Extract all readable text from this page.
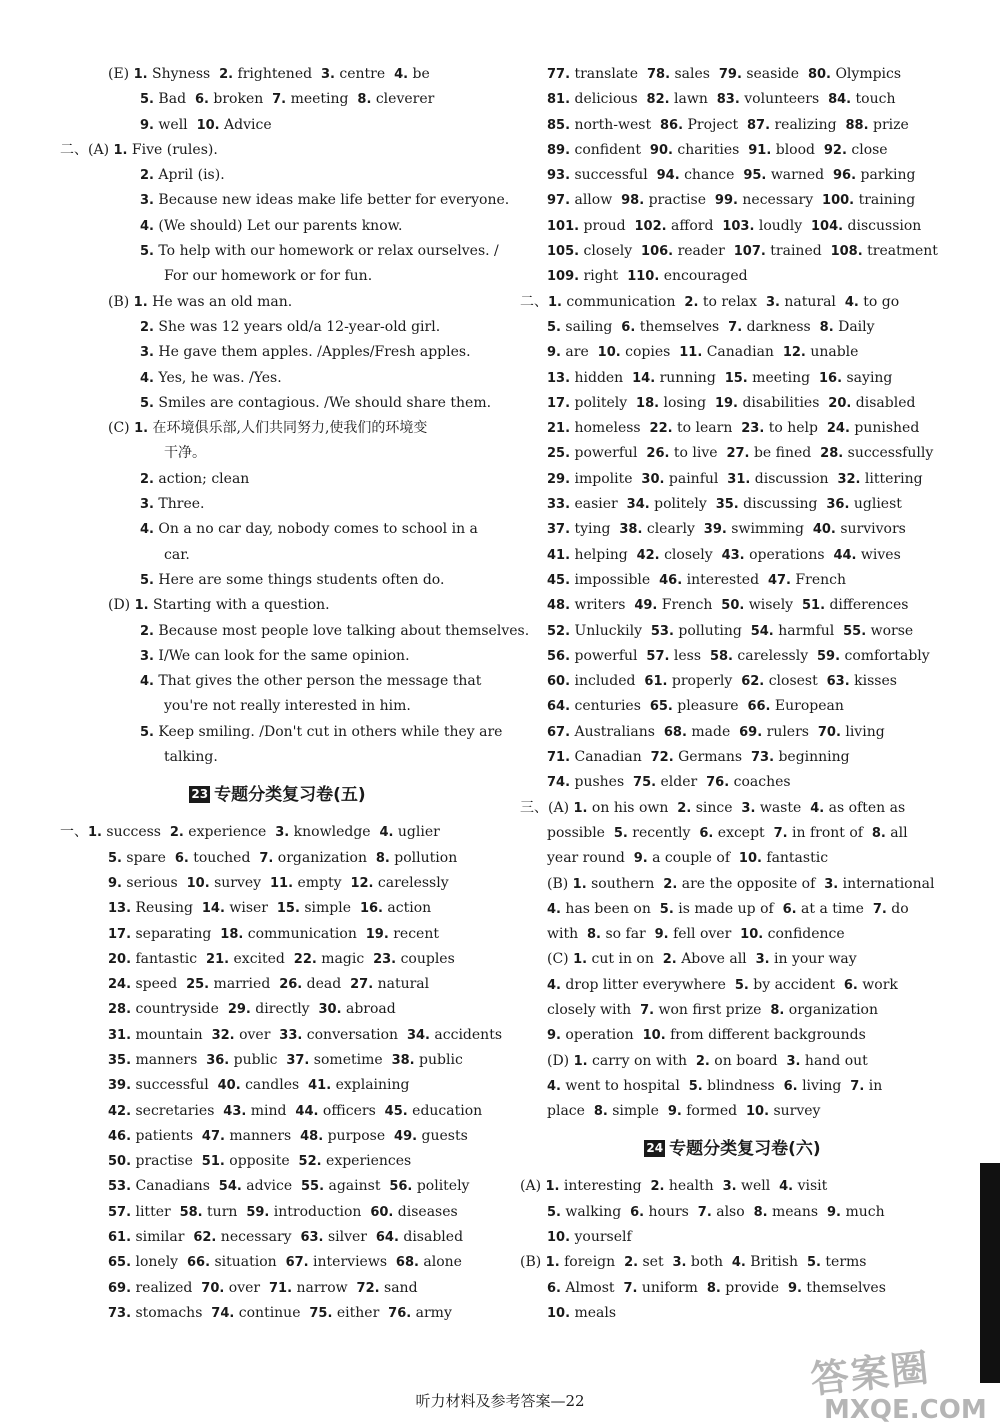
(E) 1. Shyness  2. frightened  3. centre  4. be
5. Bad  6. broken  7. meeting  8. cleverer
9. well  10. Advice
二、(A) 1. Five (rules).
2. April (is).
3. Because new ideas make life better for everyone.
4. (We should) Let our parents know.
5. To help with our homework or relax ourselves. /
For our homework or for fun.
(B) 1. He was an old man.
2. She was 12 years old/a 12-year-old girl.
3. He gave them apples. /Apples/Fresh apples.
4. Yes, he was. /Yes.
5. Smiles are contagious. /We should share them.
(C) 1. 在环境俱乐部,人们共同努力,使我们的环境变
干净。
2. action; clean
3. Three.
4. On a no car day, nobody comes to school in a
car.
5. Here are some things students often do.
(D) 1. Starting with a question.
2. Because most people love talking about themselves.
3. I/We can look for the same opinion.
4. That gives the other person the message that
you're not really interested in him.
5. Keep smiling. /Don't cut in others while they are
talking.
23 专题分类复习卷(五)
一、1. success  2. experience  3. knowledge  4. uglier
5. spare  6. touched  7. organization  8. pollution
9. serious  10. survey  11. empty  12. carelessly
13. Reusing  14. wiser  15. simple  16. action
17. separating  18. communication  19. recent
20. fantastic  21. excited  22. magic  23. couples
24. speed  25. married  26. dead  27. natural
28. countryside  29. directly  30. abroad
31. mountain  32. over  33. conversation  34. accidents
35. manners  36. public  37. sometime  38. public
39. successful  40. candles  41. explaining
42. secretaries  43. mind  44. officers  45. education
46. patients  47. manners  48. purpose  49. guests
50. practise  51. opposite  52. experiences
53. Canadians  54. advice  55. against  56. politely
57. litter  58. turn  59. introduction  60. diseases
61. similar  62. necessary  63. silver  64. disabled
65. lonely  66. situation  67. interviews  68. alone
69. realized  70. over  71. narrow  72. sand
73. stomachs  74. continue  75. either  76. army
77. translate  78. sales  79. seaside  80. Olympics
81. delicious  82. lawn  83. volunteers  84. touch
85. north-west  86. Project  87. realizing  88. prize
89. confident  90. charities  91. blood  92. close
93. successful  94. chance  95. warned  96. parking
97. allow  98. practise  99. necessary  100. training
101. proud  102. afford  103. loudly  104. discussion
105. closely  106. reader  107. trained  108. treatment
109. right  110. encouraged
二、1. communication  2. to relax  3. natural  4. to go
5. sailing  6. themselves  7. darkness  8. Daily
9. are  10. copies  11. Canadian  12. unable
13. hidden  14. running  15. meeting  16. saying
17. politely  18. losing  19. disabilities  20. disabled
21. homeless  22. to learn  23. to help  24. punished
25. powerful  26. to live  27. be fined  28. successfully
29. impolite  30. painful  31. discussion  32. littering
33. easier  34. politely  35. discussing  36. ugliest
37. tying  38. clearly  39. swimming  40. survivors
41. helping  42. closely  43. operations  44. wives
45. impossible  46. interested  47. French
48. writers  49. French  50. wisely  51. differences
52. Unluckily  53. polluting  54. harmful  55. worse
56. powerful  57. less  58. carelessly  59. comfortably
60. included  61. properly  62. closest  63. kisses
64. centuries  65. pleasure  66. European
67. Australians  68. made  69. rulers  70. living
71. Canadian  72. Germans  73. beginning
74. pushes  75. elder  76. coaches
三、(A) 1. on his own  2. since  3. waste  4. as often as
possible  5. recently  6. except  7. in front of  8. all
year round  9. a couple of  10. fantastic
(B) 1. southern  2. are the opposite of  3. international
4. has been on  5. is made up of  6. at a time  7. do
with  8. so far  9. fell over  10. confidence
(C) 1. cut in on  2. Above all  3. in your way
4. drop litter everywhere  5. by accident  6. work
closely with  7. won first prize  8. organization
9. operation  10. from different backgrounds
(D) 1. carry on with  2. on board  3. hand out
4. went to hospital  5. blindness  6. living  7. in
place  8. simple  9. formed  10. survey
24 专题分类复习卷(六)
(A) 1. interesting  2. health  3. well  4. visit
5. walking  6. hours  7. also  8. means  9. much
10. yourself
(B) 1. foreign  2. set  3. both  4. British  5. terms
6. Almost  7. uniform  8. provide  9. themselves
10. meals
听力材料及参考答案—22	答案圈
MXQE.COM
